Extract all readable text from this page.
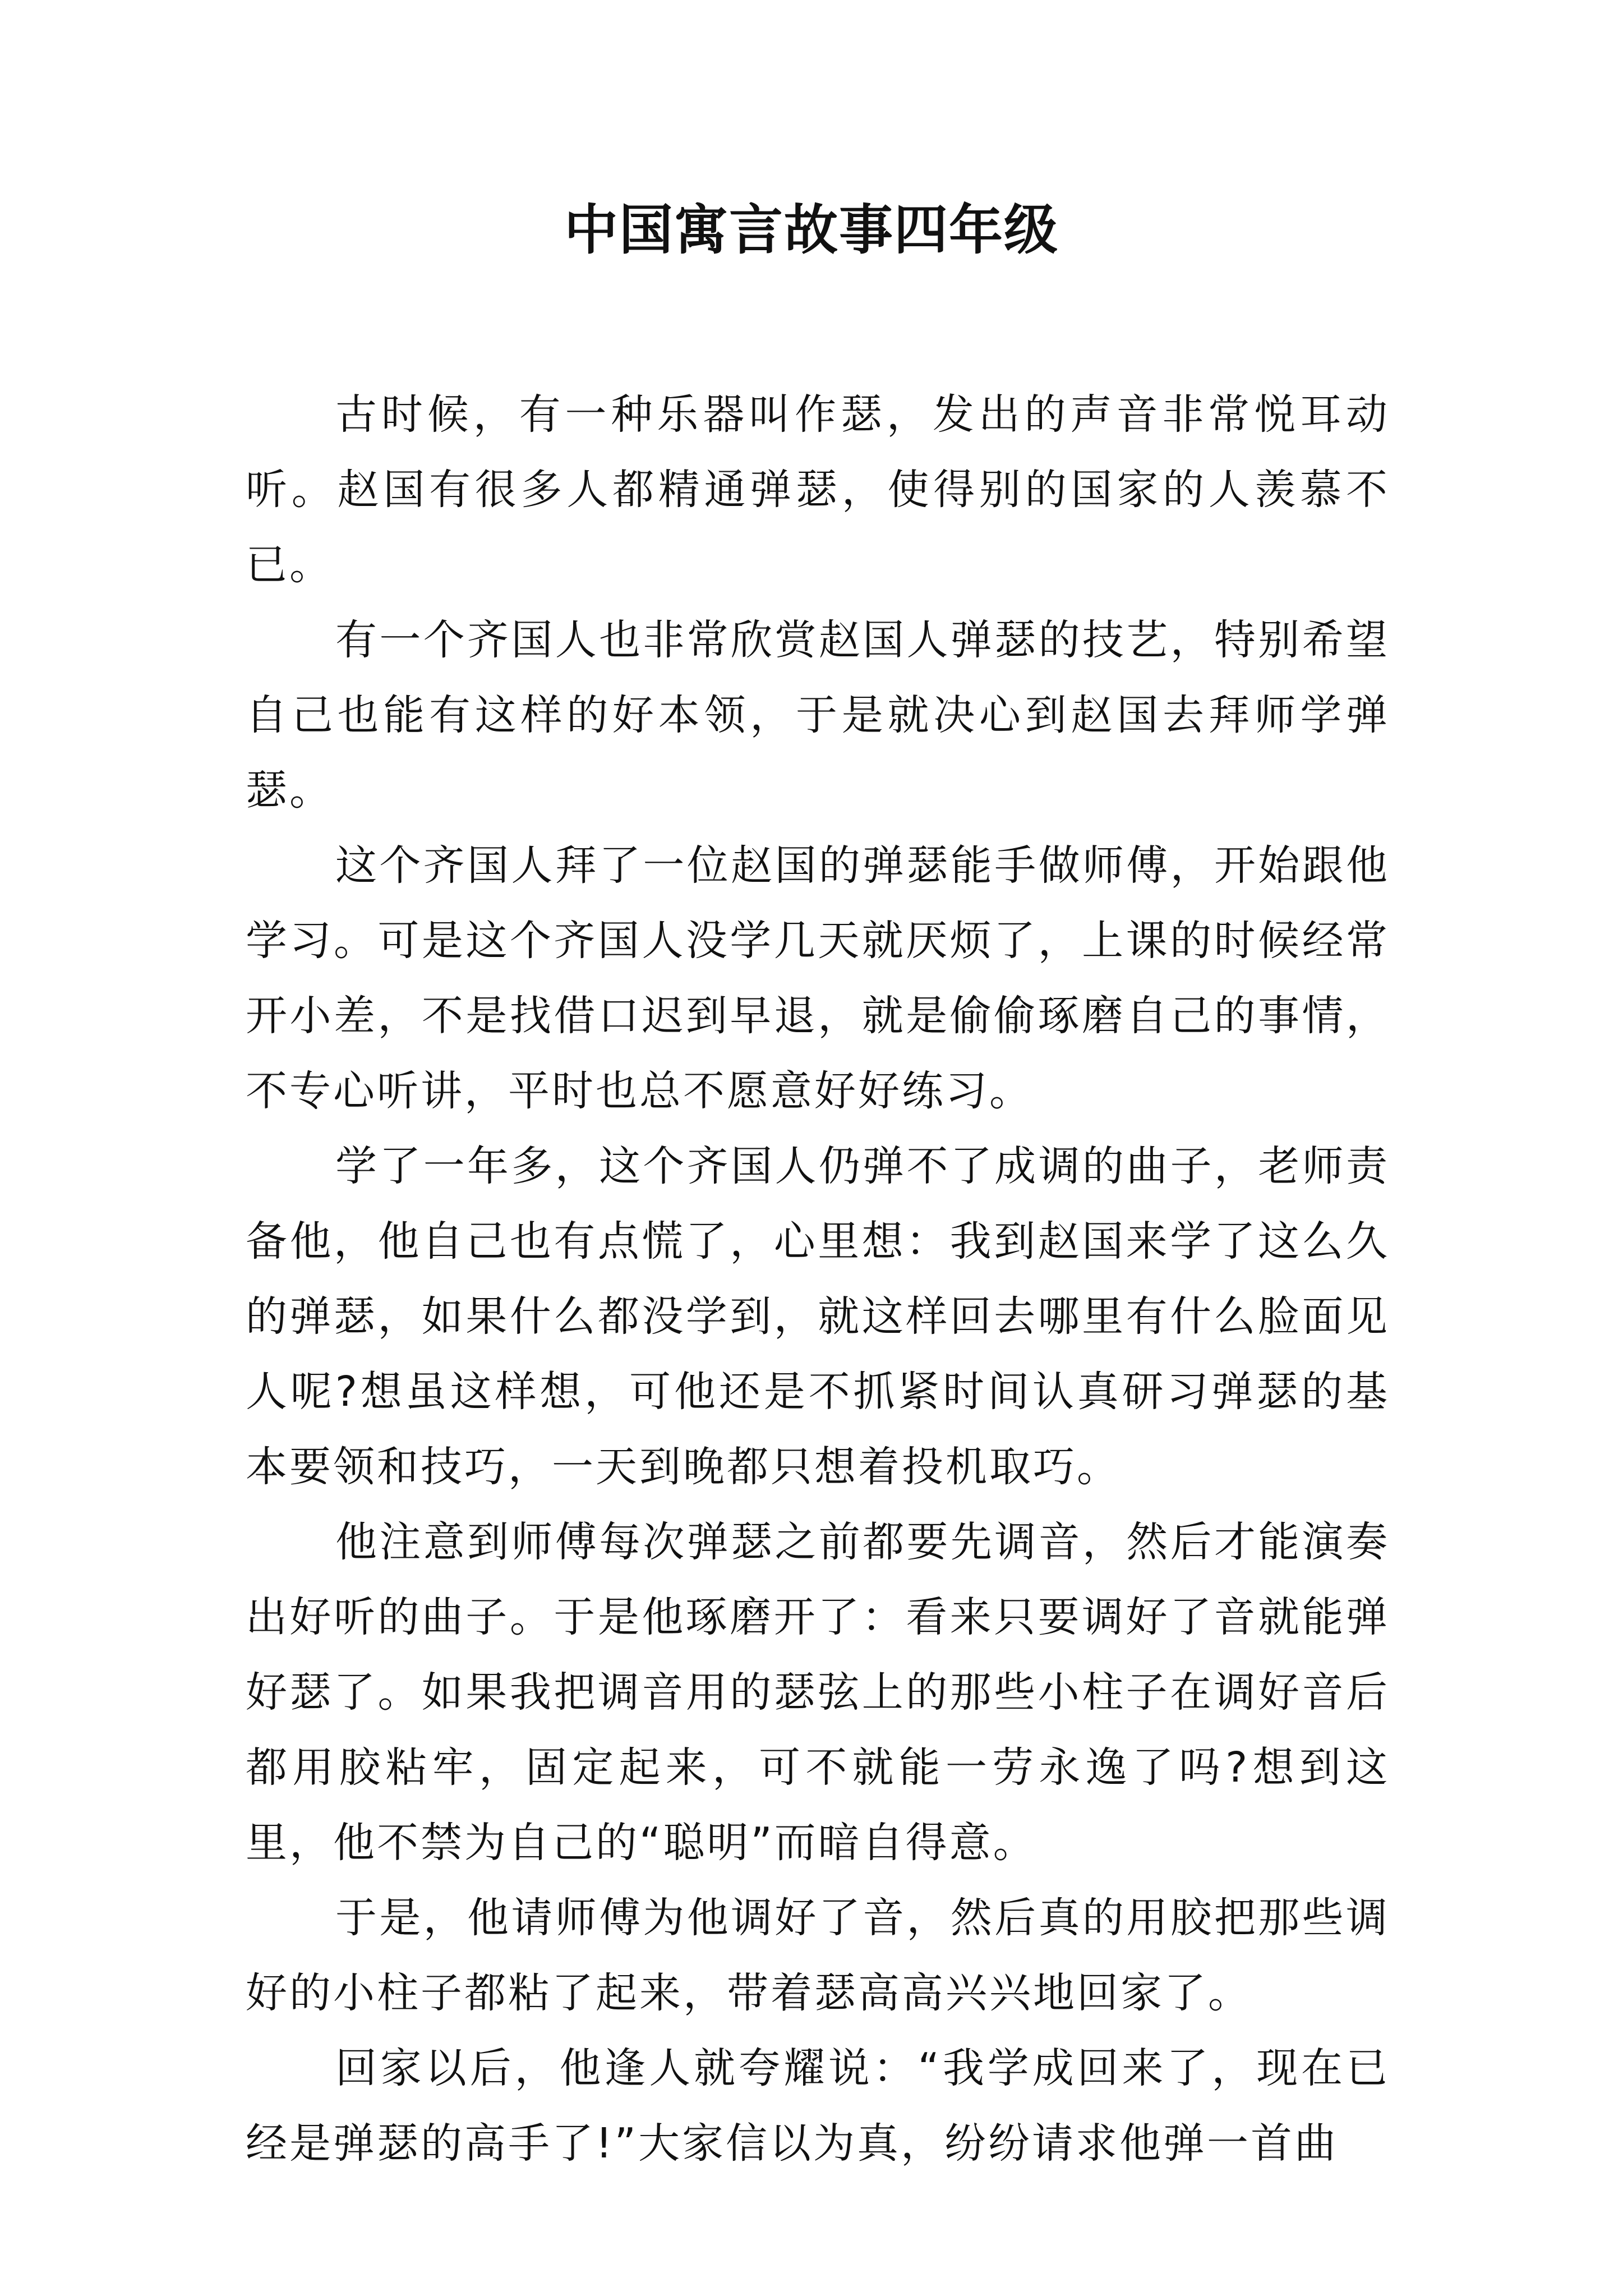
中国寓言故事四年级

古时候，有一种乐器叫作瑟，发出的声音非常悦耳动听。赵国有很多人都精通弹瑟，使得别的国家的人羡慕不已。

有一个齐国人也非常欣赏赵国人弹瑟的技艺，特别希望自己也能有这样的好本领，于是就决心到赵国去拜师学弹瑟。

这个齐国人拜了一位赵国的弹瑟能手做师傅，开始跟他学习。可是这个齐国人没学几天就厌烦了，上课的时候经常开小差，不是找借口迟到早退，就是偷偷琢磨自己的事情，不专心听讲，平时也总不愿意好好练习。

学了一年多，这个齐国人仍弹不了成调的曲子，老师责备他，他自己也有点慌了，心里想：我到赵国来学了这么久的弹瑟，如果什么都没学到，就这样回去哪里有什么脸面见人呢?想虽这样想，可他还是不抓紧时间认真研习弹瑟的基本要领和技巧，一天到晚都只想着投机取巧。

他注意到师傅每次弹瑟之前都要先调音，然后才能演奏出好听的曲子。于是他琢磨开了：看来只要调好了音就能弹好瑟了。如果我把调音用的瑟弦上的那些小柱子在调好音后都用胶粘牢，固定起来，可不就能一劳永逸了吗?想到这里，他不禁为自己的“聪明”而暗自得意。

于是，他请师傅为他调好了音，然后真的用胶把那些调好的小柱子都粘了起来，带着瑟高高兴兴地回家了。

回家以后，他逢人就夸耀说：“我学成回来了，现在已经是弹瑟的高手了!”大家信以为真，纷纷请求他弹一首曲
